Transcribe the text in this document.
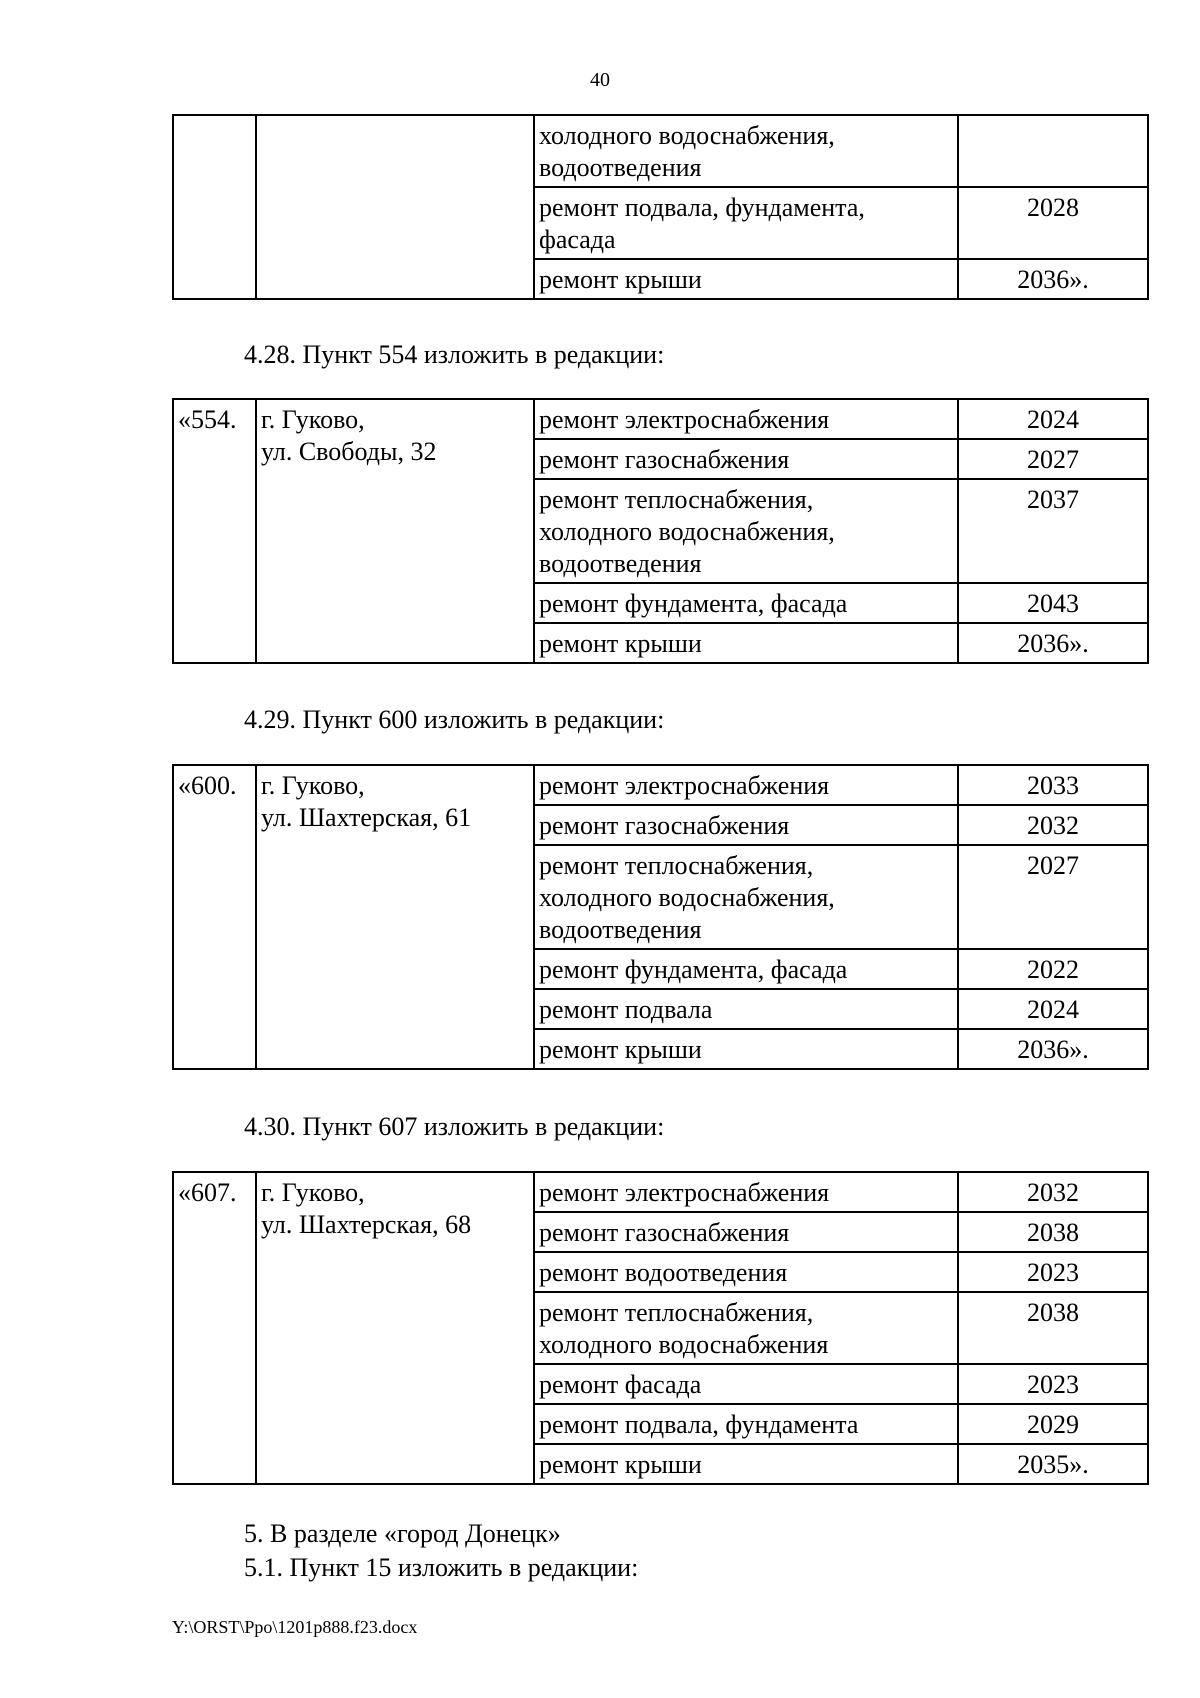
40

		холодного водоснабжения,
водоотведения	

		ремонт подвала, фундамента,
фасада	2028

		ремонт крыши	2036».
4.28. Пункт 554 изложить в редакции:
«554.	г. Гуково,
ул. Свободы, 32	ремонт электроснабжения	2024

		ремонт газоснабжения	2027

		ремонт теплоснабжения,
холодного водоснабжения,
водоотведения	2037

		ремонт фундамента, фасада	2043

		ремонт крыши	2036».
4.29. Пункт 600 изложить в редакции:
«600.	г. Гуково,
ул. Шахтерская, 61	ремонт электроснабжения	2033

		ремонт газоснабжения	2032

		ремонт теплоснабжения,
холодного водоснабжения,
водоотведения	2027

		ремонт фундамента, фасада	2022

		ремонт подвала	2024

		ремонт крыши	2036».
4.30. Пункт 607 изложить в редакции:
«607.	г. Гуково,
ул. Шахтерская, 68	ремонт электроснабжения	2032

		ремонт газоснабжения	2038

		ремонт водоотведения	2023

		ремонт теплоснабжения,
холодного водоснабжения	2038

		ремонт фасада	2023

		ремонт подвала, фундамента	2029

		ремонт крыши	2035».
5. В разделе «город Донецк»
5.1. Пункт 15 изложить в редакции:
Y:\ORST\Ppo\1201p888.f23.docx
